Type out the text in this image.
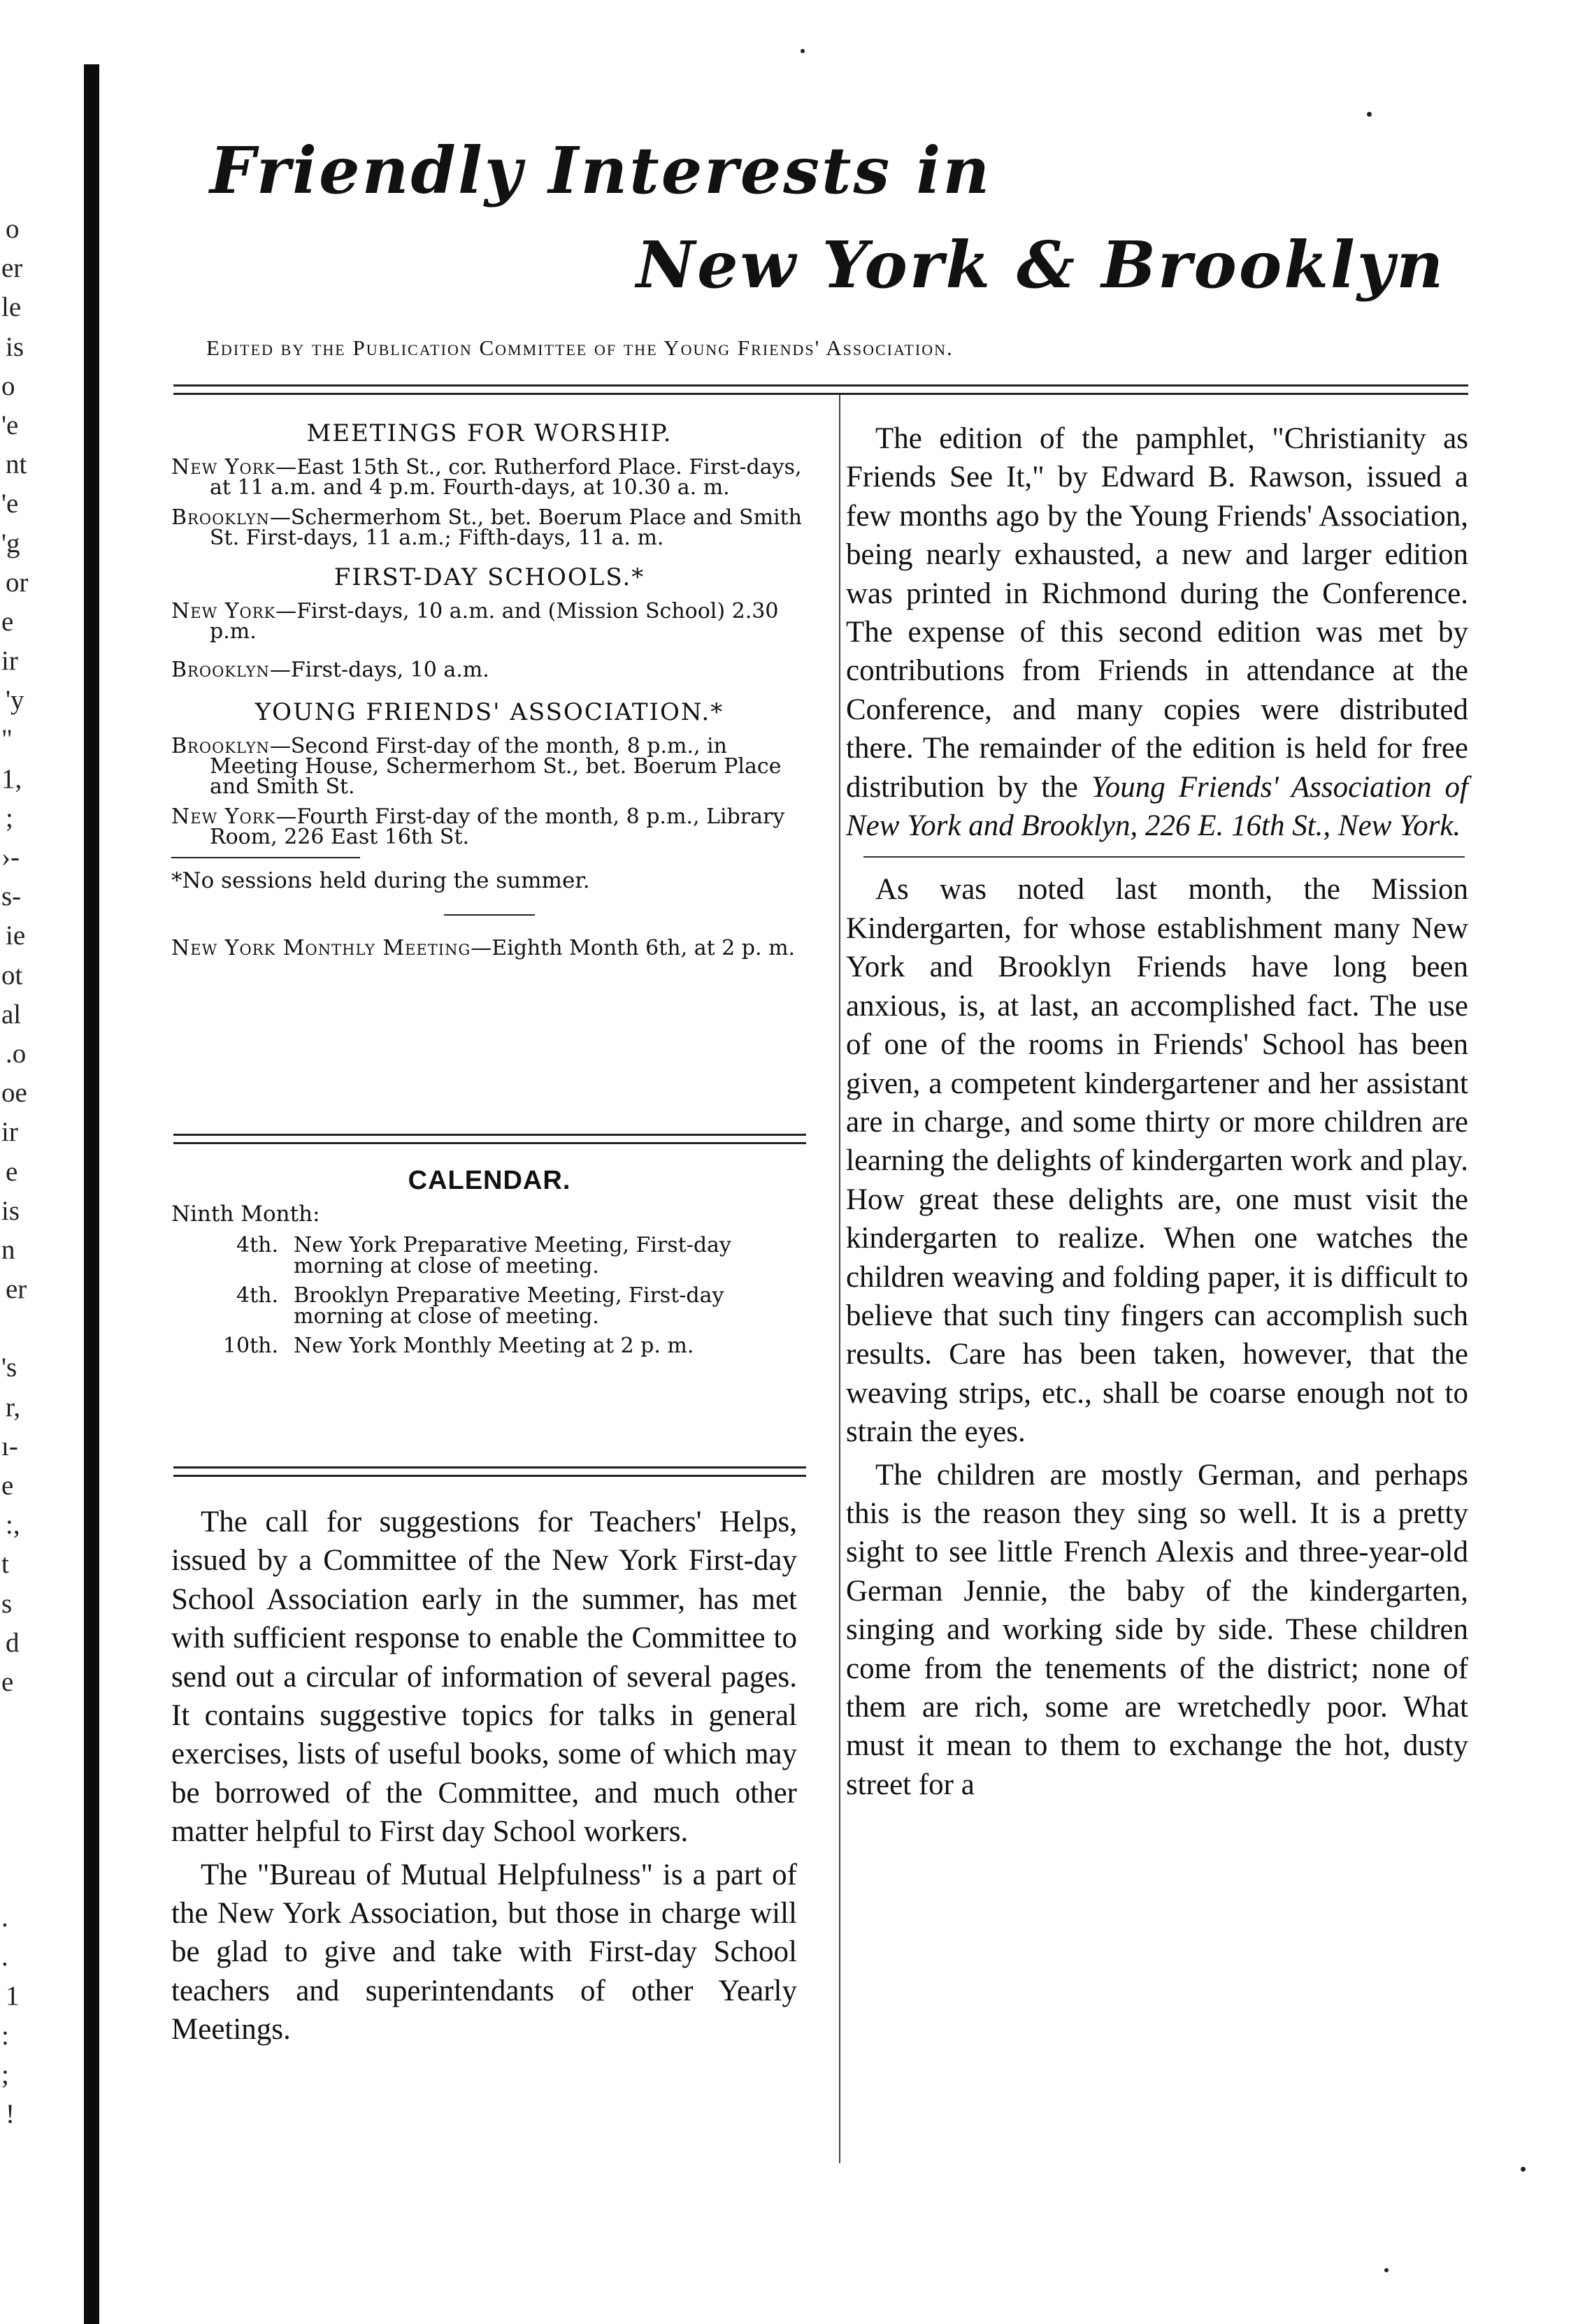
o
er
le
is
o
'e
nt
'e
'g
or
e
ir
'y
"
1,
;
›-
s-
ie
ot
al
.o
oe
ir
e
is
n
er
's
r,
ı-
e
:,
t
s
d
e
.
.
1
:
;
!
Friendly Interests in
New York & Brooklyn
Edited by the Publication Committee of the Young Friends' Association.
MEETINGS FOR WORSHIP.
New York—East 15th St., cor. Rutherford Place. First-days, at 11 a.m. and 4 p.m. Fourth-days, at 10.30 a. m.
Brooklyn—Schermerhom St., bet. Boerum Place and Smith St. First-days, 11 a.m.; Fifth-days, 11 a. m.
FIRST-DAY SCHOOLS.*
New York—First-days, 10 a.m. and (Mission School) 2.30 p.m.
Brooklyn—First-days, 10 a.m.
YOUNG FRIENDS' ASSOCIATION.*
Brooklyn—Second First-day of the month, 8 p.m., in Meeting House, Schermerhom St., bet. Boerum Place and Smith St.
New York—Fourth First-day of the month, 8 p.m., Library Room, 226 East 16th St.
*No sessions held during the summer.
New York Monthly Meeting—Eighth Month 6th, at 2 p. m.
CALENDAR.
Ninth Month:
4th. New York Preparative Meeting, First-day morning at close of meeting.
4th. Brooklyn Preparative Meeting, First-day morning at close of meeting.
10th. New York Monthly Meeting at 2 p. m.

The call for suggestions for Teachers' Helps, issued by a Committee of the New York First-day School Association early in the summer, has met with sufficient response to enable the Committee to send out a circular of information of several pages. It contains suggestive topics for talks in general exercises, lists of useful books, some of which may be borrowed of the Committee, and much other matter helpful to First day School workers.

The "Bureau of Mutual Helpfulness" is a part of the New York Association, but those in charge will be glad to give and take with First-day School teachers and superintendants of other Yearly Meetings.

The edition of the pamphlet, "Christianity as Friends See It," by Edward B. Rawson, issued a few months ago by the Young Friends' Association, being nearly exhausted, a new and larger edition was printed in Richmond during the Conference. The expense of this second edition was met by contributions from Friends in attendance at the Conference, and many copies were distributed there. The remainder of the edition is held for free distribution by the Young Friends' Association of New York and Brooklyn, 226 E. 16th St., New York.

As was noted last month, the Mission Kindergarten, for whose establishment many New York and Brooklyn Friends have long been anxious, is, at last, an accomplished fact. The use of one of the rooms in Friends' School has been given, a competent kindergartener and her assistant are in charge, and some thirty or more children are learning the delights of kindergarten work and play. How great these delights are, one must visit the kindergarten to realize. When one watches the children weaving and folding paper, it is difficult to believe that such tiny fingers can accomplish such results. Care has been taken, however, that the weaving strips, etc., shall be coarse enough not to strain the eyes.

The children are mostly German, and perhaps this is the reason they sing so well. It is a pretty sight to see little French Alexis and three-year-old German Jennie, the baby of the kindergarten, singing and working side by side. These children come from the tenements of the district; none of them are rich, some are wretchedly poor. What must it mean to them to exchange the hot, dusty street for a
